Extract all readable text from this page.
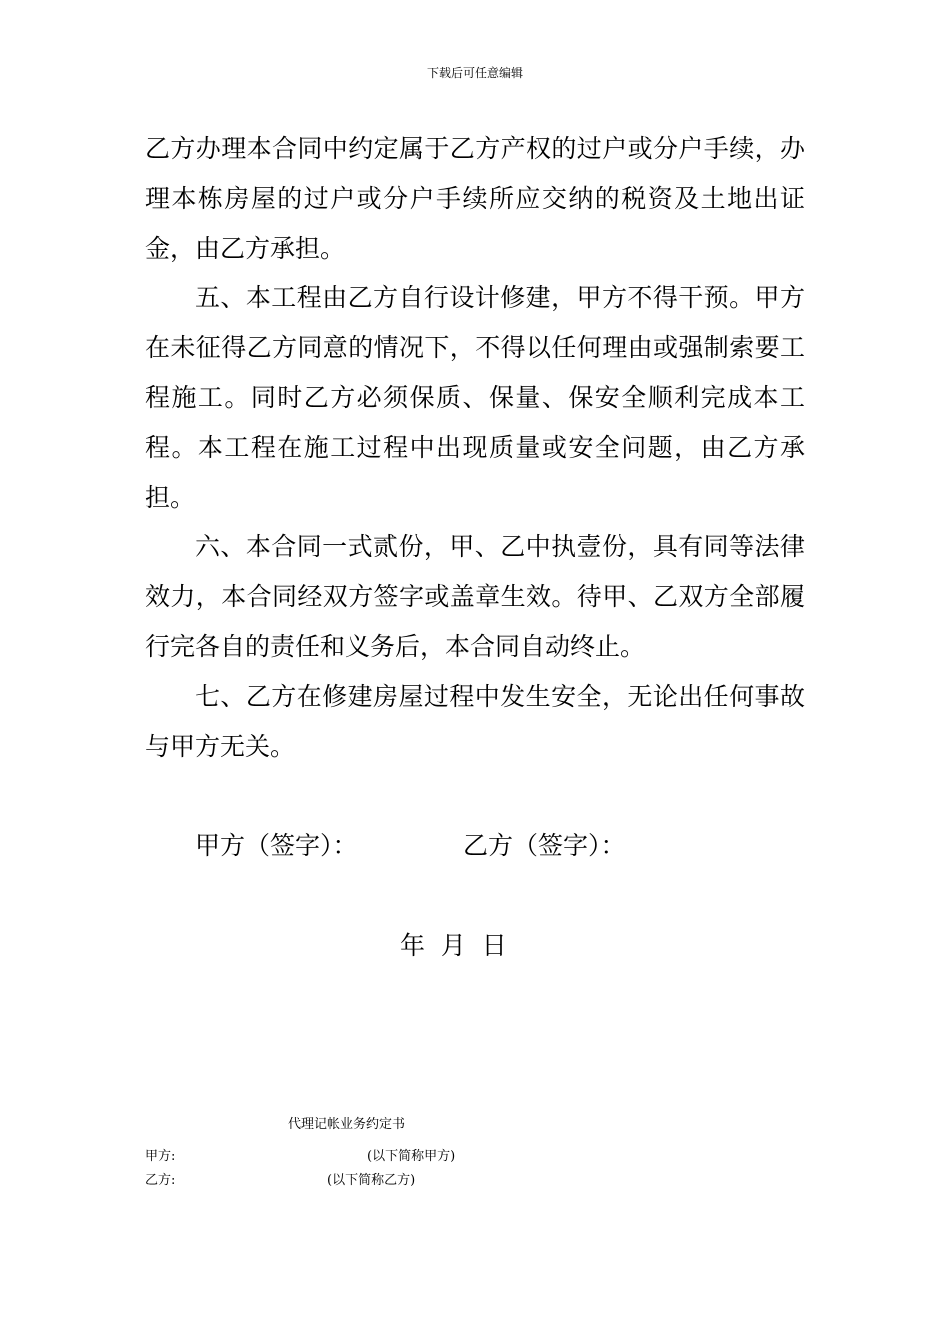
下载后可任意编辑

乙方办理本合同中约定属于乙方产权的过户或分户手续，办理本栋房屋的过户或分户手续所应交纳的税资及土地出证金，由乙方承担。

五、本工程由乙方自行设计修建，甲方不得干预。甲方在未征得乙方同意的情况下，不得以任何理由或强制索要工程施工。同时乙方必须保质、保量、保安全顺利完成本工程。本工程在施工过程中出现质量或安全问题，由乙方承担。

六、本合同一式贰份，甲、乙中执壹份，具有同等法律效力，本合同经双方签字或盖章生效。待甲、乙双方全部履行完各自的责任和义务后，本合同自动终止。

七、乙方在修建房屋过程中发生安全，无论出任何事故与甲方无关。

甲方（签字）：	乙方（签字）：
年  月  日
代理记帐业务约定书
甲方:	(以下简称甲方)
乙方:	(以下简称乙方)
